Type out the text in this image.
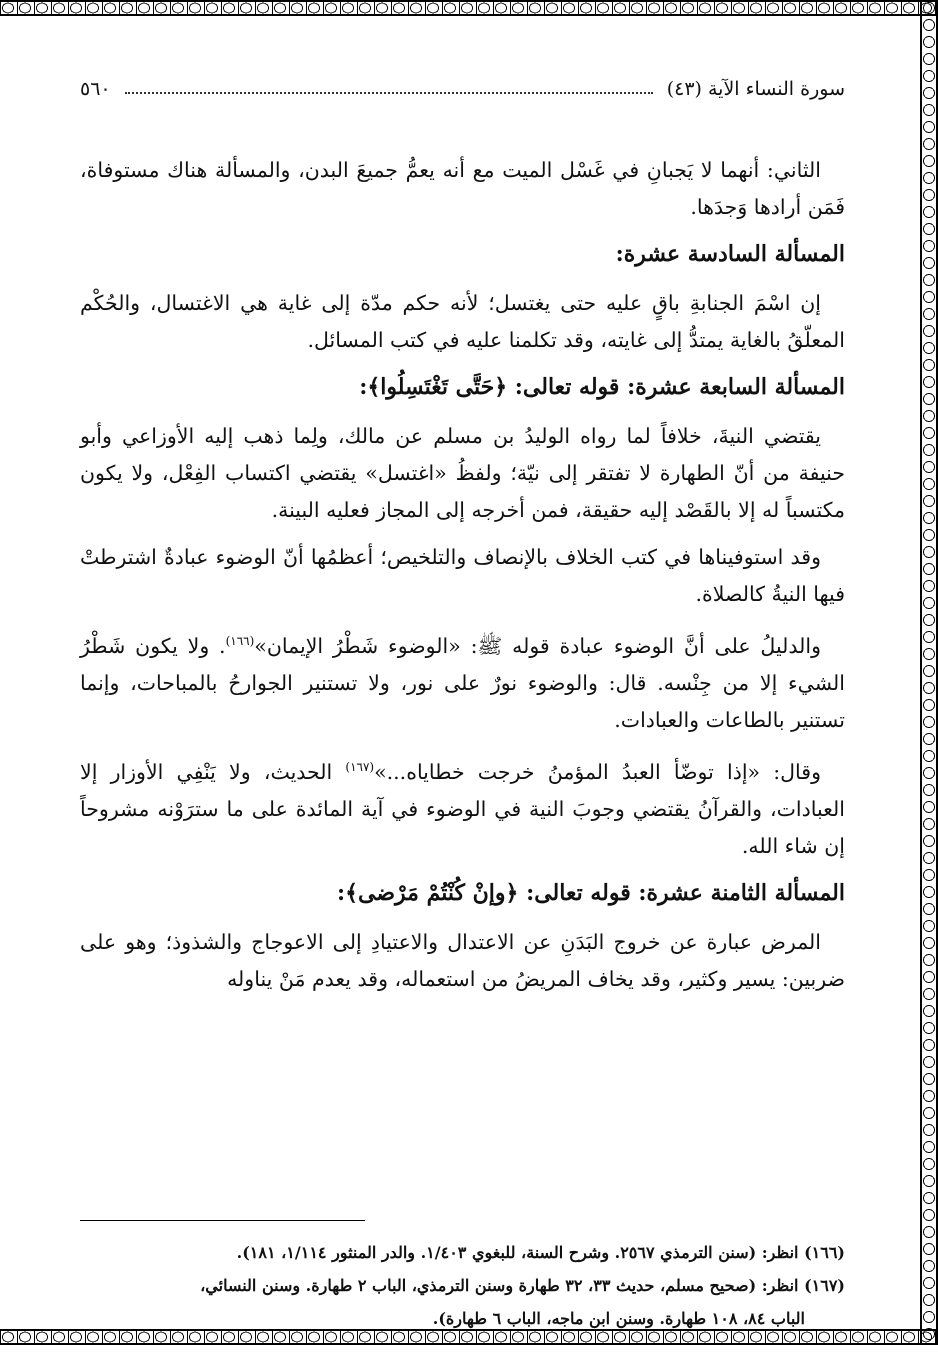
سورة النساء الآية (٤٣)
٥٦٠

الثاني: أنهما لا يَجبانِ في غَسْل الميت مع أنه يعمُّ جميعَ البدن، والمسألة هناك مستوفاة، فَمَن أرادها وَجدَها.

المسألة السادسة عشرة:

إن اسْمَ الجنابةِ باقٍ عليه حتى يغتسل؛ لأنه حكم مدّة إلى غاية هي الاغتسال، والحُكْم المعلّقُ بالغاية يمتدُّ إلى غايته، وقد تكلمنا عليه في كتب المسائل.

المسألة السابعة عشرة: قوله تعالى: ﴿حَتَّى تَغْتَسِلُوا﴾:

يقتضي النيةَ، خلافاً لما رواه الوليدُ بن مسلم عن مالك، ولِما ذهب إليه الأوزاعي وأبو حنيفة من أنّ الطهارة لا تفتقر إلى نيّة؛ ولفظُ «اغتسل» يقتضي اكتساب الفِعْل، ولا يكون مكتسباً له إلا بالقَصْد إليه حقيقة، فمن أخرجه إلى المجاز فعليه البينة.

وقد استوفيناها في كتب الخلاف بالإنصاف والتلخيص؛ أعظمُها أنّ الوضوء عبادةٌ اشترطتْ فيها النيةُ كالصلاة.

والدليلُ على أنَّ الوضوء عبادة قوله ﷺ: «الوضوء شَطْرُ الإيمان»$^{(١٦٦)}$. ولا يكون شَطْرُ الشيء إلا من جِنْسه. قال: والوضوء نورٌ على نور، ولا تستنير الجوارحُ بالمباحات، وإنما تستنير بالطاعات والعبادات.

وقال: «إذا توضّأ العبدُ المؤمنُ خرجت خطاياه...»$^{(١٦٧)}$ الحديث، ولا يَنْفِي الأوزار إلا العبادات، والقرآنُ يقتضي وجوبَ النية في الوضوء في آية المائدة على ما سترَوْنه مشروحاً إن شاء الله.

المسألة الثامنة عشرة: قوله تعالى: ﴿وإنْ كُنْتُمْ مَرْضى﴾:

المرض عبارة عن خروج البَدَنِ عن الاعتدال والاعتيادِ إلى الاعوجاج والشذوذ؛ وهو على ضربين: يسير وكثير، وقد يخاف المريضُ من استعماله، وقد يعدم مَنْ يناوله

(١٦٦) انظر: (سنن الترمذي ٢٥٦٧. وشرح السنة، للبغوي ١/٤٠٣. والدر المنثور ١/١١٤، ١٨١).

(١٦٧) انظر: (صحيح مسلم، حديث ٣٣، ٣٢ طهارة وسنن الترمذي، الباب ٢ طهارة. وسنن النسائي،

الباب ٨٤، ١٠٨ طهارة. وسنن ابن ماجه، الباب ٦ طهارة).
